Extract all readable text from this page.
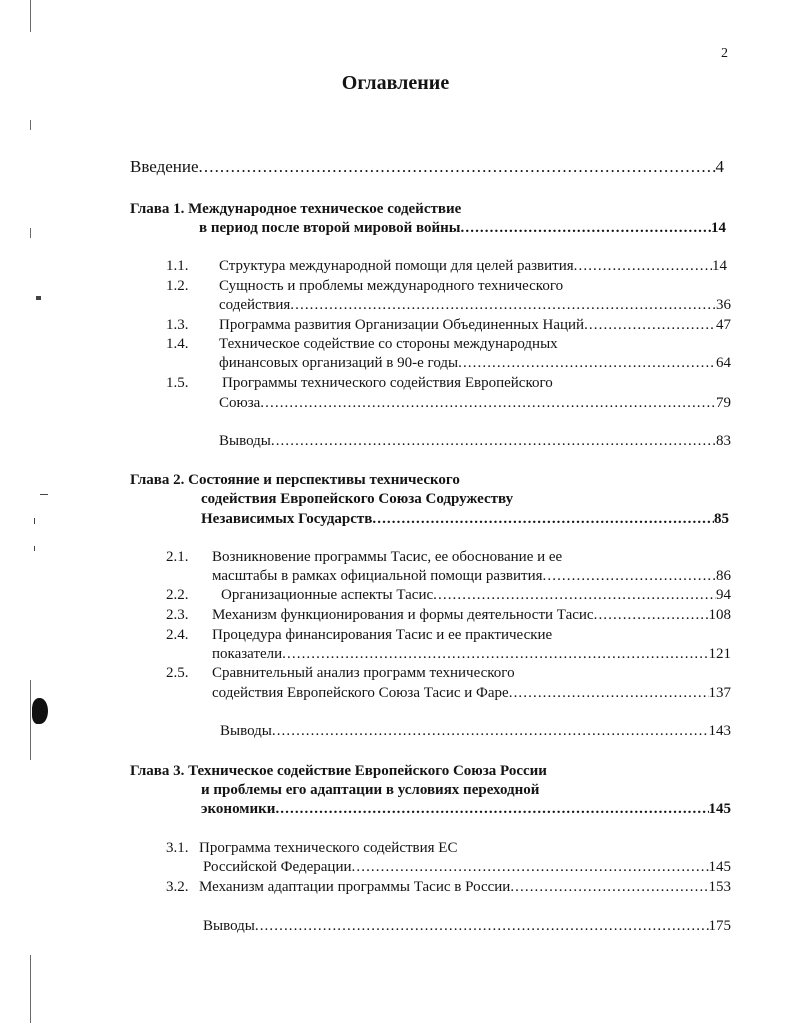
2
Оглавление
Введение .....	4
Глава 1. Международное техническое содействие
в период после второй мировой войны .....	14
1.1. Структура международной помощи для целей развития .....	14
1.2. Сущность и проблемы международного технического
содействия .....	36
1.3. Программа развития Организации Объединенных Наций .....	47
1.4. Техническое содействие со стороны международных
финансовых организаций в 90-е годы .....	64
1.5. Программы технического содействия Европейского
Союза .....	79
Выводы .....	83
Глава 2. Состояние и перспективы технического
содействия Европейского Союза Содружеству
Независимых Государств .....	85
2.1. Возникновение программы Тасис, ее обоснование и ее
масштабы в рамках официальной помощи развития .....	86
2.2. Организационные аспекты Тасис .....	94
2.3. Механизм функционирования и формы деятельности Тасис .....	108
2.4. Процедура финансирования Тасис и ее практические
показатели .....	121
2.5. Сравнительный анализ программ технического
содействия Европейского Союза Тасис и Фаре .....	137
Выводы .....	143
Глава 3. Техническое содействие Европейского Союза России
и проблемы его адаптации в условиях переходной
экономики .....	145
3.1. Программа технического содействия ЕС
Российской Федерации .....	145
3.2. Механизм адаптации программы Тасис в России .....	153
Выводы .....	175
